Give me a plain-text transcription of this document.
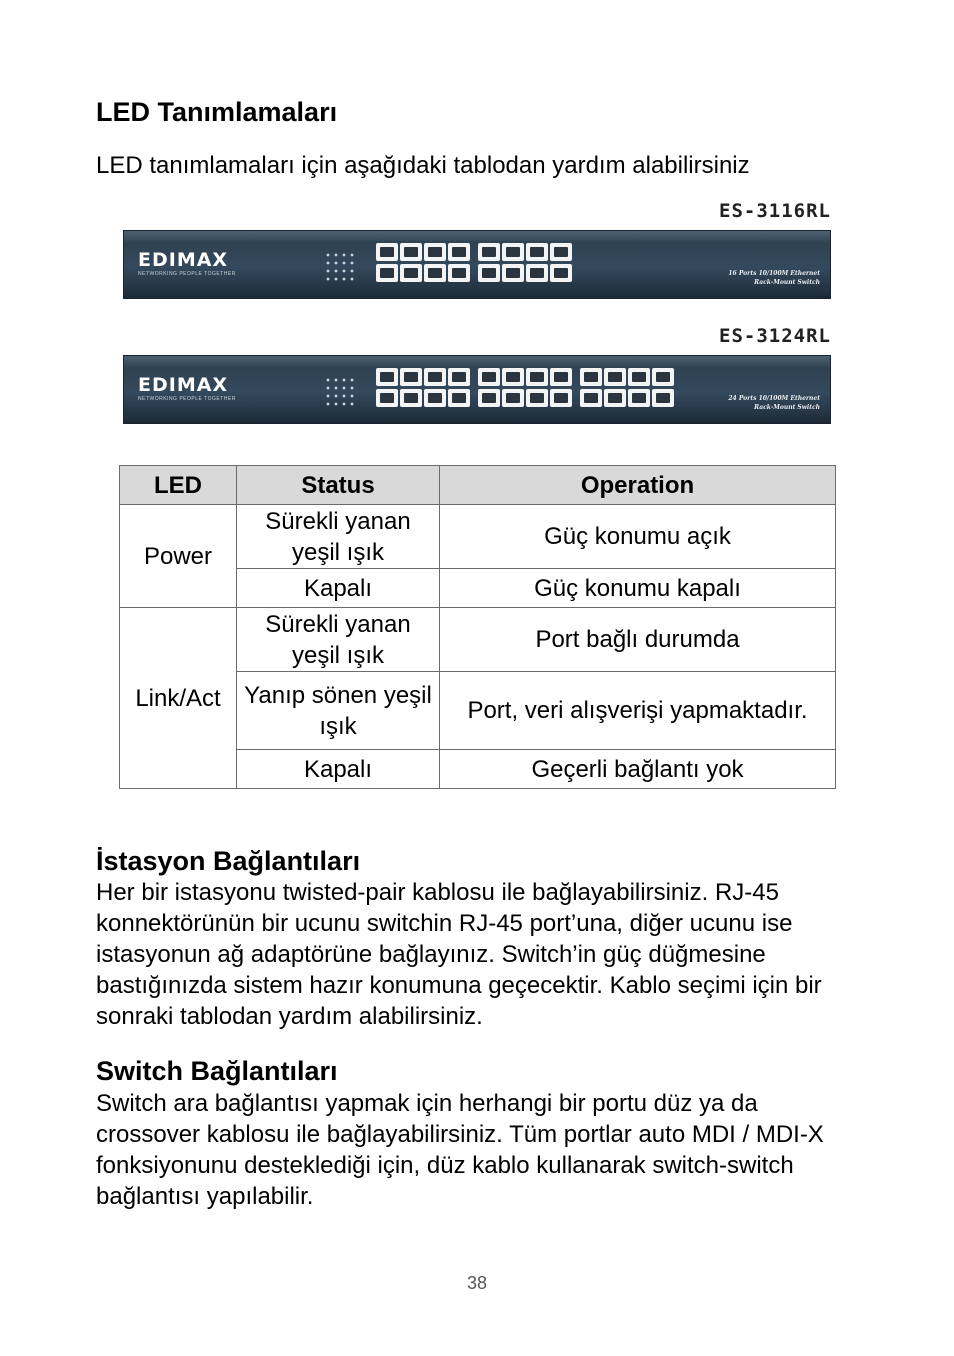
LED Tanımlamaları

LED tanımlamaları için aşağıdaki tablodan yardım alabilirsiniz

ES-3116RL
EDIMAX
NETWORKING PEOPLE TOGETHER	16 Ports 10/100M Ethernet
Rack-Mount Switch
ES-3124RL
EDIMAX
NETWORKING PEOPLE TOGETHER	24 Ports 10/100M Ethernet
Rack-Mount Switch
LED	Status	Operation
Power	Sürekli yanan yeşil ışık	Güç konumu açık
	Kapalı	Güç konumu kapalı
Link/Act	Sürekli yanan yeşil ışık	Port bağlı durumda
	Yanıp sönen yeşil ışık	Port, veri alışverişi yapmaktadır.
	Kapalı	Geçerli bağlantı yok
İstasyon Bağlantıları

Her bir istasyonu twisted-pair kablosu ile bağlayabilirsiniz. RJ-45 konnektörünün bir ucunu switchin RJ-45 port’una, diğer ucunu ise istasyonun ağ adaptörüne bağlayınız. Switch’in güç düğmesine bastığınızda sistem hazır konumuna geçecektir. Kablo seçimi için bir sonraki tablodan yardım alabilirsiniz.

Switch Bağlantıları

Switch ara bağlantısı yapmak için herhangi bir portu düz ya da crossover kablosu ile bağlayabilirsiniz. Tüm portlar auto MDI / MDI-X fonksiyonunu desteklediği için, düz kablo kullanarak switch-switch bağlantısı yapılabilir.

38
